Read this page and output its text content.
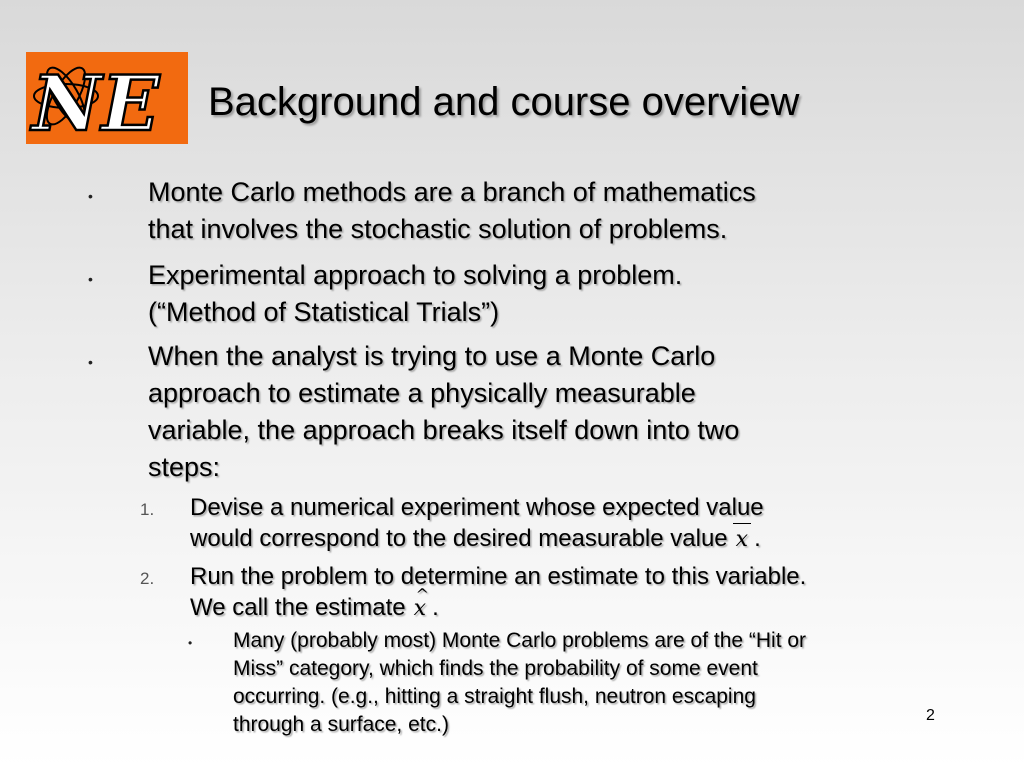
NE Background and course overview
• Monte Carlo methods are a branch of mathematics
that involves the stochastic solution of problems.
• Experimental approach to solving a problem.
(“Method of Statistical Trials”)
• When the analyst is trying to use a Monte Carlo
approach to estimate a physically measurable
variable, the approach breaks itself down into two
steps:
1. Devise a numerical experiment whose expected value
would correspond to the desired measurable value x .
2. Run the problem to determine an estimate to this variable.
We call the estimate^ x .
• Many (probably most) Monte Carlo problems are of the “Hit or
Miss” category, which finds the probability of some event
occurring. (e.g., hitting a straight flush, neutron escaping
through a surface, etc.)	2
